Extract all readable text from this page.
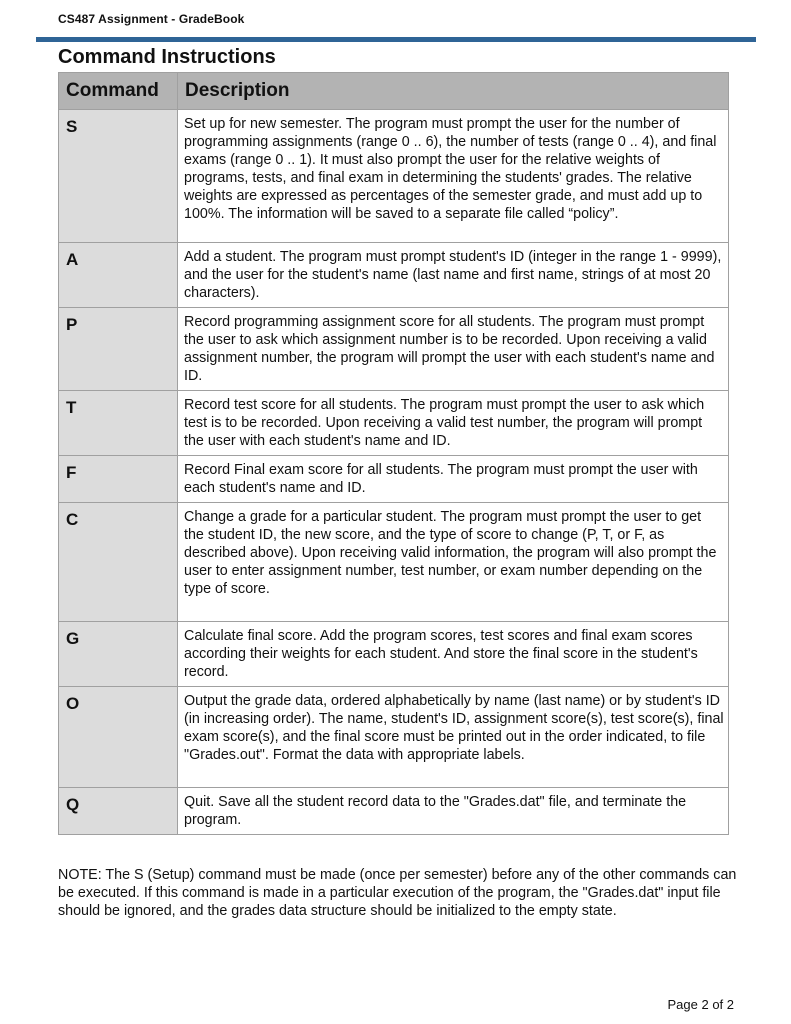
CS487 Assignment - GradeBook
Command Instructions
Command	Description
S	Set up for new semester. The program must prompt the user for the number of programming assignments (range 0 .. 6), the number of tests (range 0 .. 4), and final exams (range 0 .. 1). It must also prompt the user for the relative weights of programs, tests, and final exam in determining the students' grades. The relative weights are expressed as percentages of the semester grade, and must add up to 100%. The information will be saved to a separate file called “policy”.
A	Add a student. The program must prompt student's ID (integer in the range 1 - 9999), and the user for the student's name (last name and first name, strings of at most 20 characters).
P	Record programming assignment score for all students. The program must prompt the user to ask which assignment number is to be recorded. Upon receiving a valid assignment number, the program will prompt the user with each student's name and ID.
T	Record test score for all students. The program must prompt the user to ask which test is to be recorded. Upon receiving a valid test number, the program will prompt the user with each student's name and ID.
F	Record Final exam score for all students. The program must prompt the user with each student's name and ID.
C	Change a grade for a particular student. The program must prompt the user to get the student ID, the new score, and the type of score to change (P, T, or F, as described above). Upon receiving valid information, the program will also prompt the user to enter assignment number, test number, or exam number depending on the type of score.
G	Calculate final score. Add the program scores, test scores and final exam scores according their weights for each student. And store the final score in the student's record.
O	Output the grade data, ordered alphabetically by name (last name) or by student's ID (in increasing order). The name, student's ID, assignment score(s), test score(s), final exam score(s), and the final score must be printed out in the order indicated, to file "Grades.out". Format the data with appropriate labels.
Q	Quit. Save all the student record data to the "Grades.dat" file, and terminate the program.

NOTE: The S (Setup) command must be made (once per semester) before any of the other commands can be executed. If this command is made in a particular execution of the program, the "Grades.dat" input file should be ignored, and the grades data structure should be initialized to the empty state.

Page 2 of 2
